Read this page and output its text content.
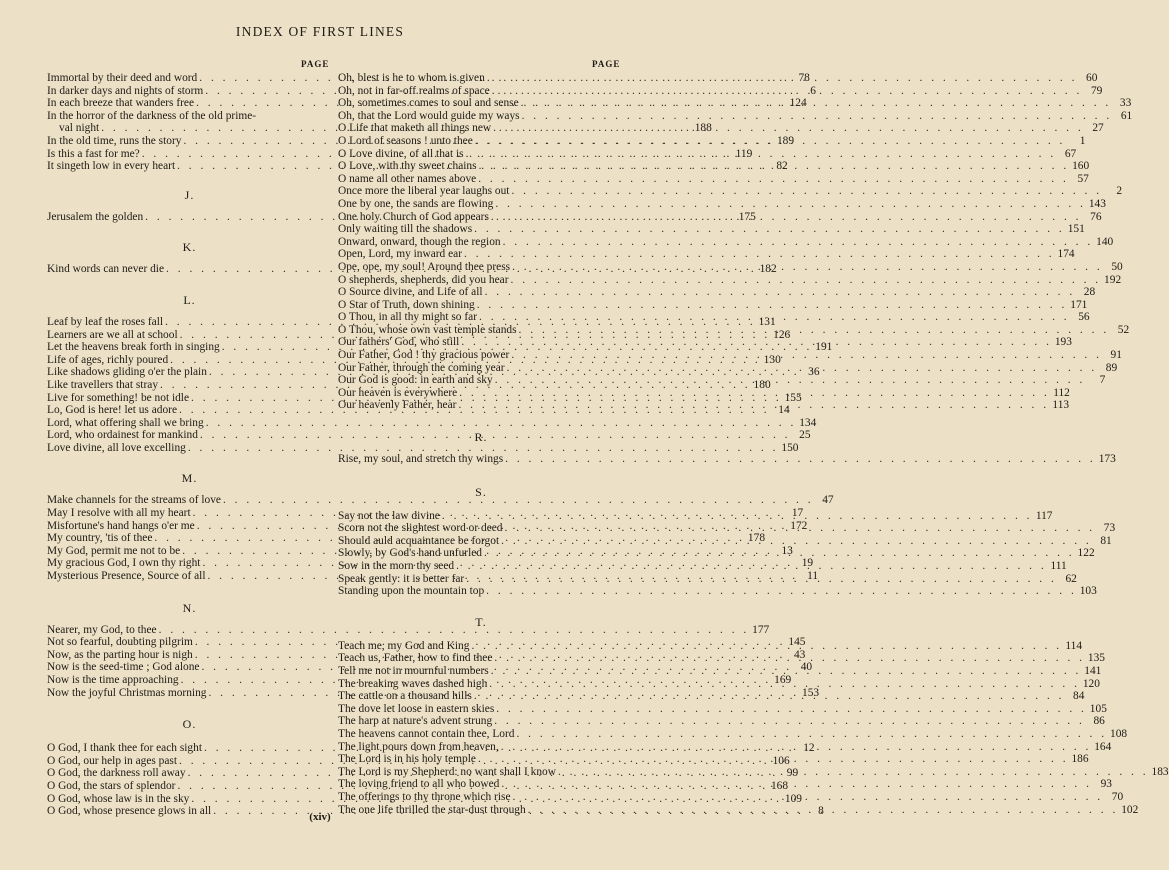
INDEX OF FIRST LINES
PAGE	PAGE
Immortal by their deed and word . . .	78
In darker days and nights of storm . . .	6
In each breeze that wanders free . . .	124
In the horror of the darkness of the old prime-
val night . . .	188
In the old time, runs the story . . .	189
Is this a fast for me? . . .	119
It singeth low in every heart . . .	82
J.
Jerusalem the golden . . .	175
K.
Kind words can never die . . .	182
L.
Leaf by leaf the roses fall . . .	131
Learners are we all at school . . .	126
Let the heavens break forth in singing . . .	191
Life of ages, richly poured . . .	130
Like shadows gliding o'er the plain . . .	36
Like travellers that stray . . .	180
Live for something! be not idle . . .	155
Lo, God is here! let us adore . . .	14
Lord, what offering shall we bring . . .	134
Lord, who ordainest for mankind . . .	25
Love divine, all love excelling . . .	150
M.
Make channels for the streams of love . . .	47
May I resolve with all my heart . . .	17
Misfortune's hand hangs o'er me . . .	172
My country, 'tis of thee . . .	178
My God, permit me not to be . . .	13
My gracious God, I own thy right . . .	19
Mysterious Presence, Source of all . . .	11
N.
Nearer, my God, to thee . . .	177
Not so fearful, doubting pilgrim . . .	145
Now, as the parting hour is nigh . . .	43
Now is the seed-time ; God alone . . .	40
Now is the time approaching . . .	169
Now the joyful Christmas morning . . .	153
O.
O God, I thank thee for each sight . . .	12
O God, our help in ages past . . .	106
O God, the darkness roll away . . .	99
O God, the stars of splendor . . .	168
O God, whose law is in the sky . . .	109
O God, whose presence glows in all . . .	8
Oh, blest is he to whom is given . . .	60
Oh, not in far-off realms of space . . .	79
Oh, sometimes comes to soul and sense . . .	33
Oh, that the Lord would guide my ways . . .	61
O Life that maketh all things new . . .	27
O Lord of seasons ! unto thee . . .	1
O Love divine, of all that is . . .	67
O Love, with thy sweet chains . . .	160
O name all other names above . . .	57
Once more the liberal year laughs out . . .	2
One by one, the sands are flowing . . .	143
One holy Church of God appears . . .	76
Only waiting till the shadows . . .	151
Onward, onward, though the region . . .	140
Open, Lord, my inward ear . . .	174
Ope, ope, my soul! Around thee press . . .	50
O shepherds, shepherds, did you hear . . .	192
O Source divine, and Life of all . . .	28
O Star of Truth, down shining . . .	171
O Thou, in all thy might so far . . .	56
O Thou, whose own vast temple stands . . .	52
Our fathers' God, who still . . .	193
Our Father, God ! thy gracious power . . .	91
Our Father, through the coming year . . .	89
Our God is good: in earth and sky . . .	7
Our heaven is everywhere . . .	112
Our heavenly Father, hear . . .	113
R.
Rise, my soul, and stretch thy wings . . .	173
S.
Say not the law divine . . .	117
Scorn not the slightest word or deed . . .	73
Should auld acquaintance be forgot . . .	81
Slowly, by God's hand unfurled . . .	122
Sow in the morn thy seed . . .	111
Speak gently: it is better far . . .	62
Standing upon the mountain top . . .	103
T.
Teach me, my God and King . . .	114
Teach us, Father, how to find thee . . .	135
Tell me not in mournful numbers . . .	141
The breaking waves dashed high . . .	120
The cattle on a thousand hills . . .	84
The dove let loose in eastern skies . . .	105
The harp at nature's advent strung . . .	86
The heavens cannot contain thee, Lord . . .	108
The light pours down from heaven, . . .	164
The Lord is in his holy temple . . .	186
The Lord is my Shepherd: no want shall I know . . .	183
The loving friend to all who bowed . . .	93
The offerings to thy throne which rise . . .	70
The one life thrilled the star-dust through . . .	102
(xiv)
